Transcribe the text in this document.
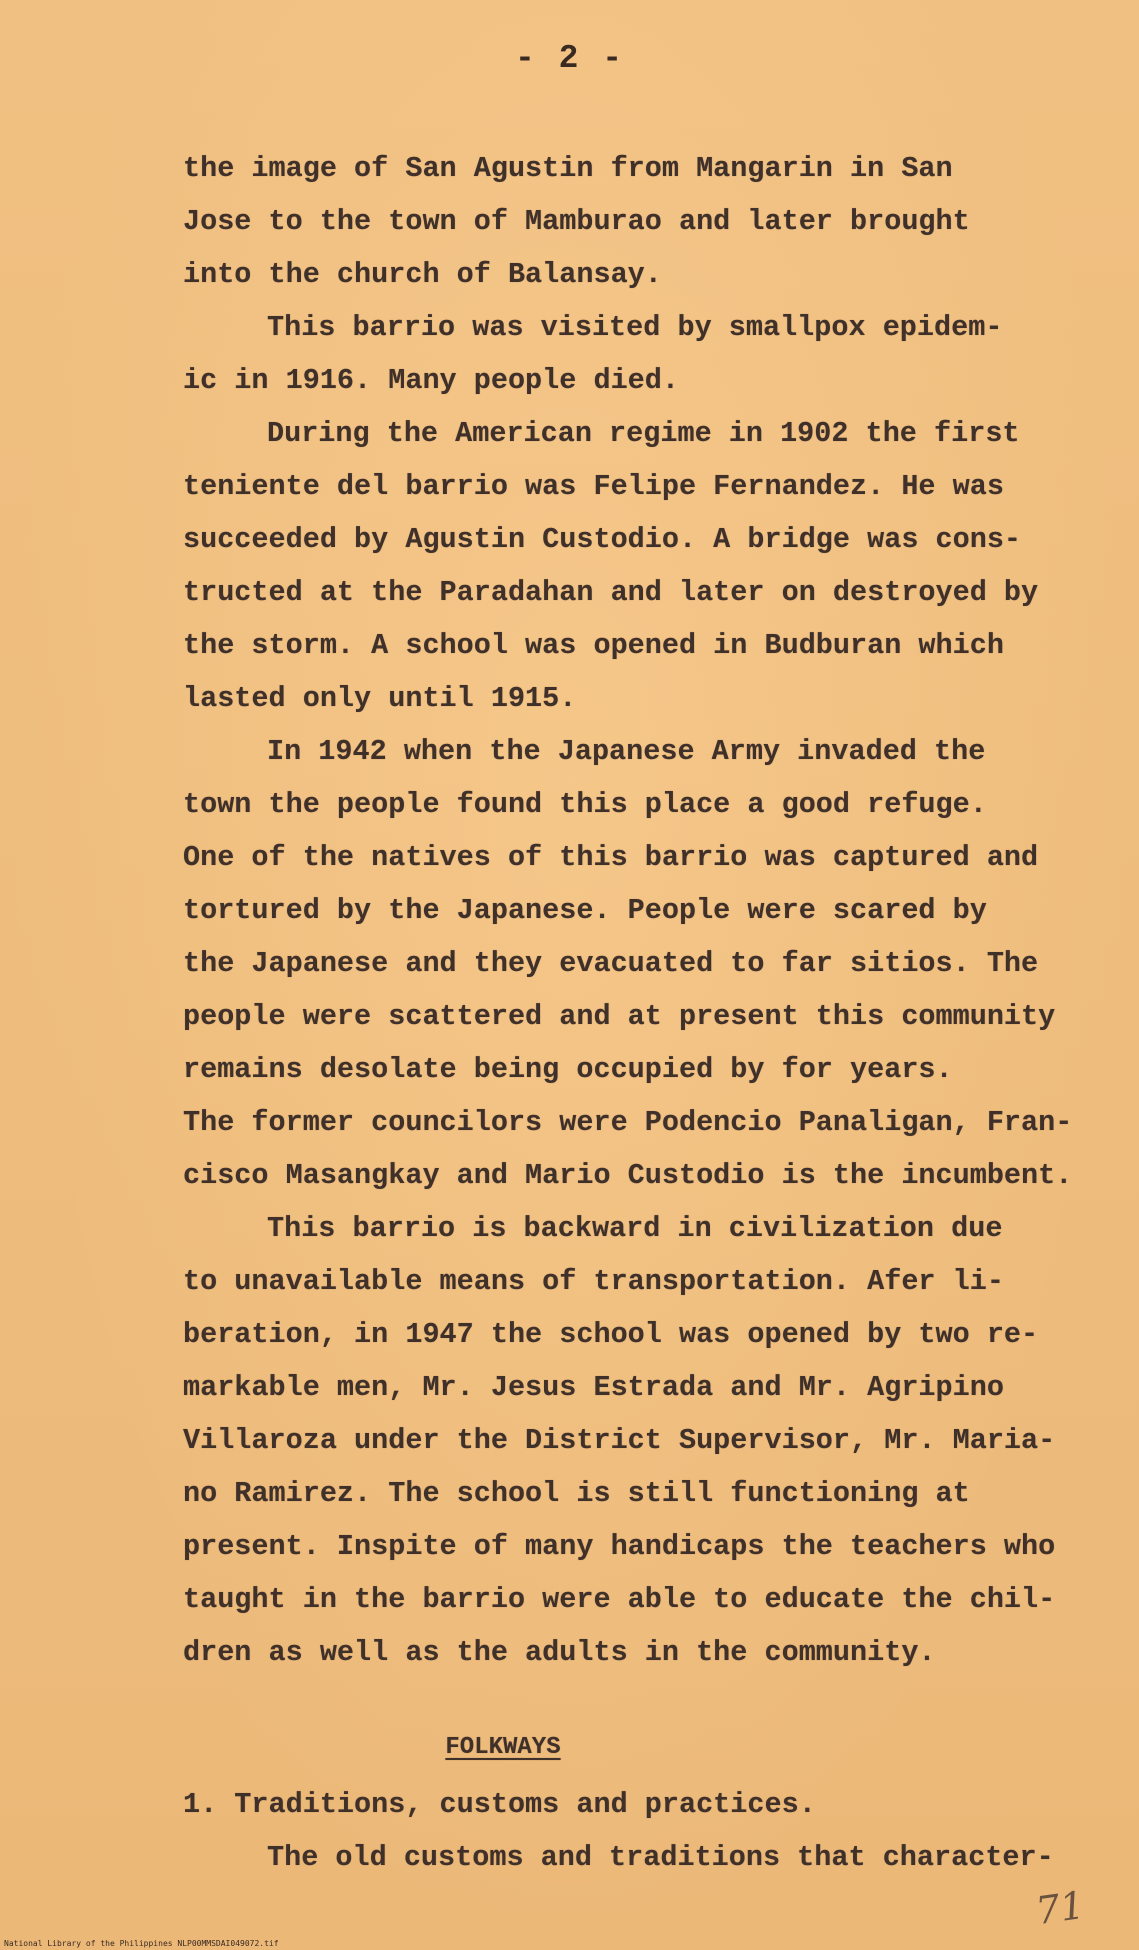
- 2 -
the image of San Agustin from Mangarin in San
Jose to the town of Mamburao and later brought
into the church of Balansay.
This barrio was visited by smallpox epidem-
ic in 1916. Many people died.
During the American regime in 1902 the first
teniente del barrio was Felipe Fernandez. He was
succeeded by Agustin Custodio. A bridge was cons-
tructed at the Paradahan and later on destroyed by
the storm. A school was opened in Budburan which
lasted only until 1915.
In 1942 when the Japanese Army invaded the
town the people found this place a good refuge.
One of the natives of this barrio was captured and
tortured by the Japanese. People were scared by
the Japanese and they evacuated to far sitios. The
people were scattered and at present this community
remains desolate being occupied by for years.
The former councilors were Podencio Panaligan, Fran-
cisco Masangkay and Mario Custodio is the incumbent.
This barrio is backward in civilization due
to unavailable means of transportation. Afer li-
beration, in 1947 the school was opened by two re-
markable men, Mr. Jesus Estrada and Mr. Agripino
Villaroza under the District Supervisor, Mr. Maria-
no Ramirez. The school is still functioning at
present. Inspite of many handicaps the teachers who
taught in the barrio were able to educate the chil-
dren as well as the adults in the community.
FOLKWAYS
1. Traditions, customs and practices.
The old customs and traditions that character-
National Library of the Philippines NLP00MMSDAI049072.tif
71
